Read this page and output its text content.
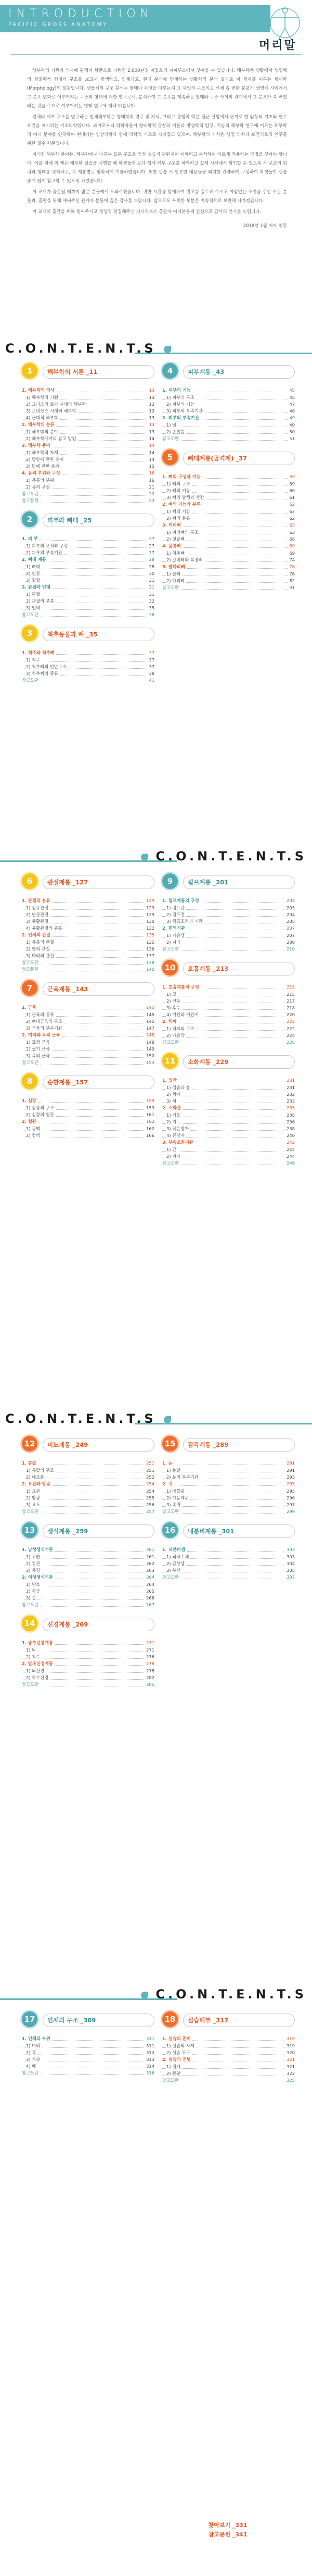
INTRODUCTION
PACIFIC GROSS ANATOMY
머리말

해부학의 기원과 역사에 관해서 학문으로 기원전 2,000년경 이집트의 파피루스에서 찾아볼 수 있습니다. 해부학은 생활에서 생명체의 형질학적 형태와 구조를 보고서 탐색하고, 연계되고, 현대 분석에 연계하는 생활학적 분석 결과로 이 형태를 이루는 형태학(Morphology)의 일원입니다. 생물체의 구조 분석는 형태나 무엇을 다루는지 그 무엇의 구조이고 신체 속 변화 분포가 생명체 사이에서 그 분포 변화로 이루어지는 구조의 형태에 대한 연구로서, 분석하여 그 분포를 계속하는 형태와 구조 사이의 관계에서 그 분포가 속 배열되는 것을 주요로 이루어지는 형태 연구에 대해 다룹니다.

인체의 세부 구조를 연구하는 인체해부학은 형태학적 연구 및 지식, 그리고 경험적 학문 접근 실험에서 근거로 한 임상의 기초와 필수요건을 제시하는 기초의학입니다. 과거로부터 의학자들이 형태학적 관찰의 이론과 발생학적 탐구, 기능적 해부학 연구에 이르는 해부학의 여러 분야를 연구하여 현대에는 임상의학과 함께 의학의 기초로 자리잡고 있으며, 해부학의 지식은 생명 의학과 보건의료의 연구를 위한 필수 학문입니다.

이러한 해부학 분야는, 해부학에서 다루는 모든 구조를 임상 실습과 관련지어 이해하고 분석하여 바르게 적용하는 방법을 찾아야 합니다. 이를 위해 이 책은 해부학 실습을 시행할 때 학생들이 보다 쉽게 해부 구조를 파악하고 실제 시신에서 확인할 수 있도록 각 구조의 위치와 형태를 정리하고, 각 계통별로 명확하게 기술하였습니다. 또한 실습 시 필요한 내용들을 최대한 간략하게 구성하여 학생들이 실습 중에 쉽게 참고할 수 있도록 하였습니다.

이 교재가 출간될 때까지 많은 분들께서 도와주셨습니다. 귀한 시간을 할애하여 원고를 검토해 주시고 아낌없는 조언을 주신 모든 분들과, 출판을 위해 애써주신 관계자 분들께 깊은 감사를 드립니다. 앞으로도 부족한 부분은 지속적으로 보완해 나가겠습니다.

이 교재의 출간을 위해 힘써주시고 정성껏 편집해주신 퍼시픽북스 출판사 여러분들께 진심으로 감사의 인사를 드립니다.

2018년 1월 저자 일동

C.O.N.T.E.N.T.S
1	해부학의 서론 _11
1. 해부학의 역사	13
1) 해부학의 기원	13
2) 그리스와 로마 시대의 해부학	13
3) 르네상스 시대의 해부학	13
4) 근대적 해부학	13
2. 해부학의 분류	13
1) 해부학의 분야	13
2) 해부학에서의 참고 방법	14
3. 해부학 용어	14
1) 해부학적 자세	14
2) 방향에 관한 용어	14
3) 면에 관한 용어	15
4. 몸의 부위와 구성	16
1) 몸통의 부위	16
2) 몸의 구성	21
참고도판	22
참고문헌	23
2	피부와 뼈대 _25
1. 피 부	27
1) 피부의 조직과 구성	27
2) 피부의 부속기관	27
2. 뼈대 계통	28
1) 뼈대	28
2) 연골	30
3) 결합	31
3. 관절과 인대	31
1) 관절	31
2) 관절의 분류	32
3) 인대	35
참고도판	36
3	척추동물과 뼈 _35
1. 척주와 척추뼈	37
1) 척주	37
2) 척추뼈의 일반구조	37
3) 척추뼈의 종류	38
참고도판	41
4	피부계통 _43
1. 피부의 기능	45
1) 피부의 구조	45
2) 피부의 기능	47
3) 피부의 부속기관	48
2. 피부의 부속기관	49
1) 털	49
2) 손발톱	50
참고도판	51
5	뼈대계통(골격계) _37
1. 뼈의 구성과 기능	59
1) 뼈의 구조	59
2) 뼈의 기능	60
3) 뼈의 발생과 성장	61
2. 뼈의 기능과 분류	62
1) 뼈의 기능	62
2) 뼈의 분류	62
3. 머리뼈	63
1) 머리뼈의 구조	63
2) 얼굴뼈	68
4. 몸통뼈	69
1) 척추뼈	69
2) 갈비뼈와 복장뼈	74
5. 팔다리뼈	76
1) 팔뼈	76
2) 다리뼈	82
참고도판	91
C.O.N.T.E.N.T.S
6	관절계통 _127
1. 관절의 분류	129
1) 섬유관절	129
2) 연골관절	129
3) 윤활관절	130
4) 윤활관절의 종류	132
2. 인체의 관절	135
1) 몸통의 관절	135
2) 팔의 관절	136
3) 다리의 관절	137
참고도판	138
참고문헌	140
7	근육계통 _143
1. 근육	145
1) 근육의 종류	145
2) 뼈대근육의 구조	145
3) 근육의 부속기관	147
2. 머리와 목의 근육	148
1) 표정 근육	148
2) 씹기 근육	149
3) 목의 근육	150
참고도판	153
8	순환계통 _157
1. 심장	159
1) 심장의 구조	159
2) 심장의 혈관	161
2. 혈관	162
1) 동맥	162
2) 정맥	166
9	림프계통 _201
1. 림프계통의 구성	203
1) 림프관	203
2) 림프절	204
3) 림프조직과 기관	205
2. 면역기관	207
1) 가슴샘	207
2) 지라	208
참고도판	210
10	호흡계통 _213
1. 호흡계통의 구성	215
1) 코	215
2) 인두	217
3) 후두	218
4) 기관과 기관지	220
2. 허파	222
1) 허파의 구조	222
2) 가슴막	224
참고도판	226
11	소화계통 _229
1. 입안	231
1) 입술과 볼	231
2) 치아	232
3) 혀	233
2. 소화관	235
1) 식도	235
2) 위	236
3) 작은창자	238
4) 큰창자	240
3. 부속소화기관	242
1) 간	242
2) 이자	244
참고도판	246
C.O.N.T.E.N.T.S
12	비뇨계통 _249
1. 콩팥	251
1) 콩팥의 구조	251
2) 네프론	252
2. 요관과 방광	254
1) 요관	254
2) 방광	255
3) 요도	256
참고도판	257
13	생식계통 _259
1. 남성생식기관	261
1) 고환	261
2) 정관	262
3) 음경	263
2. 여성생식기관	264
1) 난소	264
2) 자궁	265
3) 질	266
참고도판	267
14	신경계통 _269
1. 중추신경계통	271
1) 뇌	271
2) 척수	276
2. 말초신경계통	278
1) 뇌신경	278
2) 척수신경	282
참고도판	285
15	감각계통 _289
1. 눈	291
1) 눈알	291
2) 눈의 부속기관	293
2. 귀	295
1) 바깥귀	295
2) 가운데귀	296
3) 속귀	297
참고도판	299
16	내분비계통 _301
1. 내분비샘	303
1) 뇌하수체	303
2) 갑상샘	304
3) 부신	305
참고도판	307
C.O.N.T.E.N.T.S
17	인체의 구조 _309
1. 인체의 부위	311
1) 머리	311
2) 목	312
3) 가슴	313
4) 배	314
참고도판	316
18	실습해부 _317
1. 실습의 준비	319
1) 실습의 자세	319
2) 실습 도구	320
2. 실습의 진행	321
1) 절개	321
2) 관찰	322
참고도판	325
찾아보기 _331
참고문헌 _341
